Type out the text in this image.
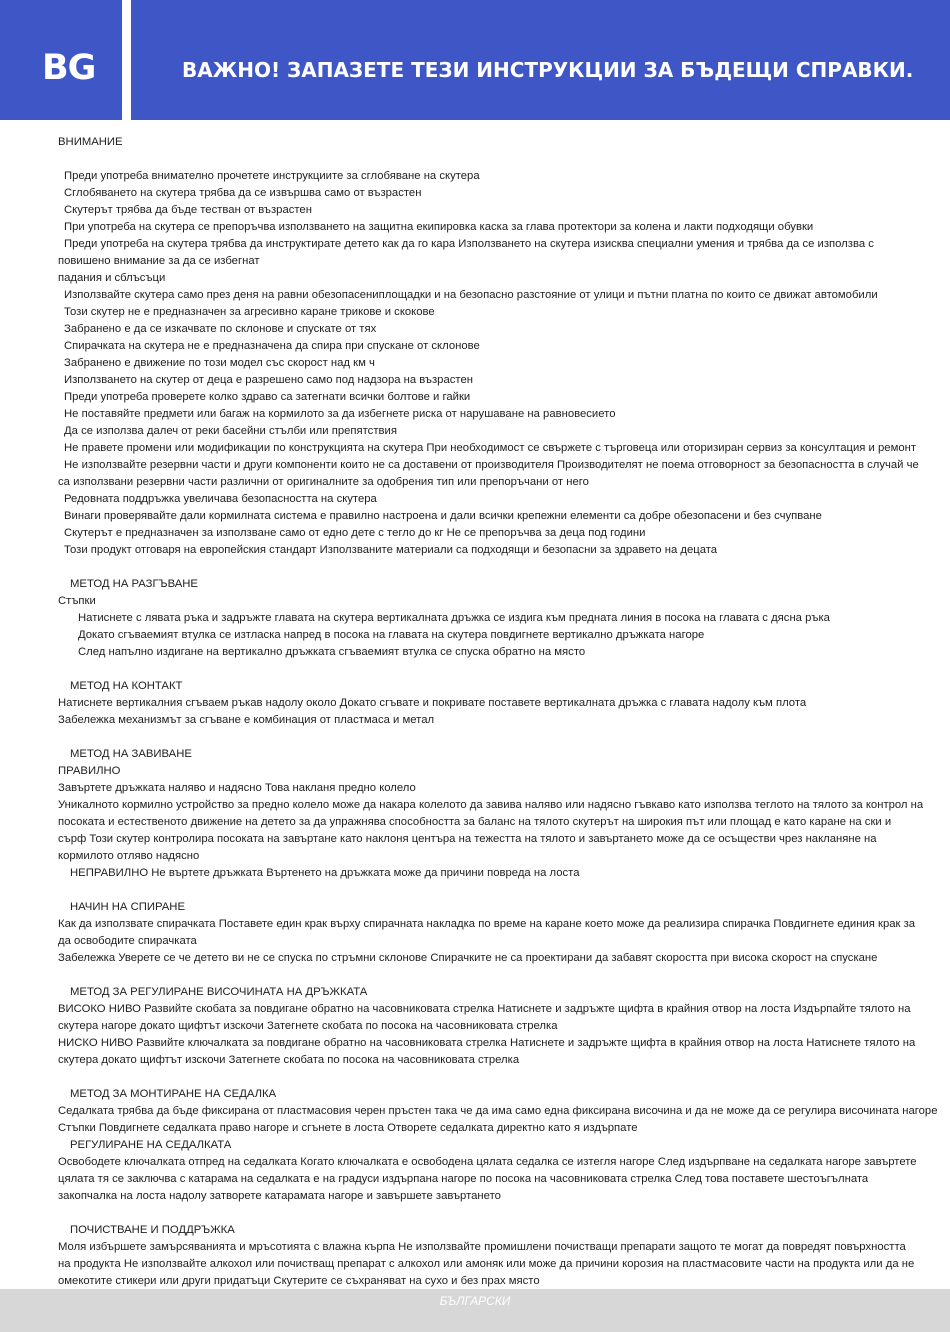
BG	ВАЖНО! ЗАПАЗЕТЕ ТЕЗИ ИНСТРУКЦИИ ЗА БЪДЕЩИ СПРАВКИ.
ВНИМАНИЕ
Преди употреба внимателно прочетете инструкциите за сглобяване на скутера
Сглобяването на скутера трябва да се извършва само от възрастен
Скутерът трябва да бъде тестван от възрастен
При употреба на скутера се препоръчва използването на защитна екипировка каска за глава протектори за колена и лакти подходящи обувки
Преди употреба на скутера трябва да инструктирате детето как да го кара Използването на скутера изисква специални умения и трябва да се използва с
повишено внимание за да се избегнат
падания и сблъсъци
Използвайте скутера само през деня на равни обезопасениплощадки и на безопасно разстояние от улици и пътни платна по които се движат автомобили
Този скутер не е предназначен за агресивно каране трикове и скокове
Забранено е да се изкачвате по склонове и спускате от тях
Спирачката на скутера не е предназначена да спира при спускане от склонове
Забранено е движение по този модел със скорост над км ч
Използването на скутер от деца е разрешено само под надзора на възрастен
Преди употреба проверете колко здраво са затегнати всички болтове и гайки
Не поставяйте предмети или багаж на кормилото за да избегнете риска от нарушаване на равновесието
Да се използва далеч от реки басейни стълби или препятствия
Не правете промени или модификации по конструкцията на скутера При необходимост се свържете с търговеца или оторизиран сервиз за консултация и ремонт
Не използвайте резервни части и други компоненти които не са доставени от производителя Производителят не поема отговорност за безопасността в случай че
са използвани резервни части различни от оригиналните за одобрения тип или препоръчани от него
Редовната поддръжка увеличава безопасността на скутера
Винаги проверявайте дали кормилната система е правилно настроена и дали всички крепежни елементи са добре обезопасени и без счупване
Скутерът е предназначен за използване само от едно дете с тегло до кг Не се препоръчва за деца под години
Този продукт отговаря на европейския стандарт Използваните материали са подходящи и безопасни за здравето на децата
МЕТОД НА РАЗГЪВАНЕ
Стъпки
Натиснете с лявата ръка и задръжте главата на скутера вертикалната дръжка се издига към предната линия в посока на главата с дясна ръка
Докато сгъваемият втулка се изтласка напред в посока на главата на скутера повдигнете вертикално дръжката нагоре
След напълно издигане на вертикално дръжката сгъваемият втулка се спуска обратно на място
МЕТОД НА КОНТАКТ
Натиснете вертикалния сгъваем ръкав надолу около Докато сгъвате и покривате поставете вертикалната дръжка с главата надолу към плота
Забележка механизмът за сгъване е комбинация от пластмаса и метал
МЕТОД НА ЗАВИВАНЕ
ПРАВИЛНО
Завъртете дръжката наляво и надясно Това накланя предно колело
Уникалното кормилно устройство за предно колело може да накара колелото да завива наляво или надясно гъвкаво като използва теглото на тялото за контрол на
посоката и естественото движение на детето за да упражнява способността за баланс на тялото скутерът на широкия път или площад е като каране на ски и
сърф Този скутер контролира посоката на завъртане като наклоня центъра на тежестта на тялото и завъртането може да се осъществи чрез накланяне на
кормилото отляво надясно
НЕПРАВИЛНО Не въртете дръжката Въртенето на дръжката може да причини повреда на лоста
НАЧИН НА СПИРАНЕ
Как да използвате спирачката Поставете един крак върху спирачната накладка по време на каране което може да реализира спирачка Повдигнете единия крак за
да освободите спирачката
Забележка Уверете се че детето ви не се спуска по стръмни склонове Спирачките не са проектирани да забавят скоростта при висока скорост на спускане
МЕТОД ЗА РЕГУЛИРАНЕ ВИСОЧИНАТА НА ДРЪЖКАТА
ВИСОКО НИВО Развийте скобата за повдигане обратно на часовниковата стрелка Натиснете и задръжте щифта в крайния отвор на лоста Издърпайте тялото на
скутера нагоре докато щифтът изскочи Затегнете скобата по посока на часовниковата стрелка
НИСКО НИВО Развийте ключалката за повдигане обратно на часовниковата стрелка Натиснете и задръжте щифта в крайния отвор на лоста Натиснете тялото на
скутера докато щифтът изскочи Затегнете скобата по посока на часовниковата стрелка
МЕТОД ЗА МОНТИРАНЕ НА СЕДАЛКА
Седалката трябва да бъде фиксирана от пластмасовия черен пръстен така че да има само една фиксирана височина и да не може да се регулира височината нагоре
Стъпки Повдигнете седалката право нагоре и сгънете в лоста Отворете седалката директно като я издърпате
РЕГУЛИРАНЕ НА СЕДАЛКАТА
Освободете ключалката отпред на седалката Когато ключалката е освободена цялата седалка се изтегля нагоре След издърпване на седалката нагоре завъртете
цялата тя се заключва с катарама на седалката е на градуси издърпана нагоре по посока на часовниковата стрелка След това поставете шестоъгълната
закопчалка на лоста надолу затворете катарамата нагоре и завършете завъртането
ПОЧИСТВАНЕ И ПОДДРЪЖКА
Моля избършете замърсяванията и мръсотията с влажна кърпа Не използвайте промишлени почистващи препарати защото те могат да повредят повърхността
на продукта Не използвайте алкохол или почистващ препарат с алкохол или амоняк или може да причини корозия на пластмасовите части на продукта или да не
омекотите стикери или други придатъци Скутерите се съхраняват на сухо и без прах място
БЪЛГАРСКИ
